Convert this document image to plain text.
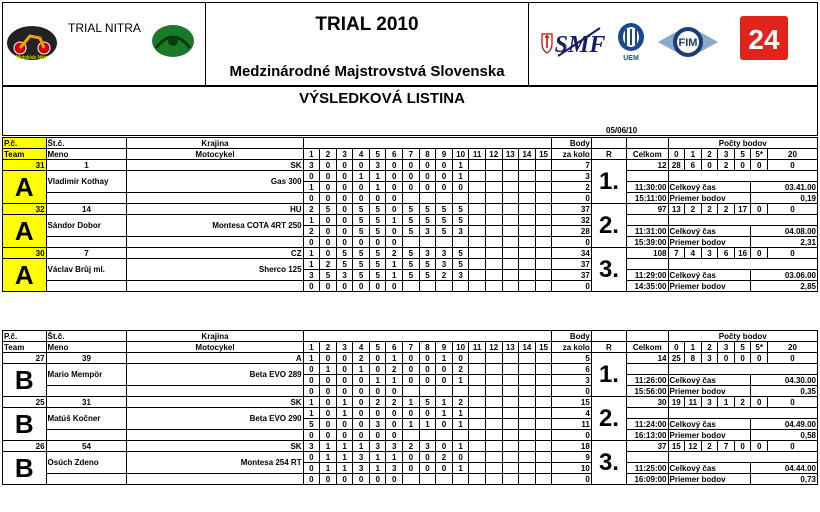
Motoklub Nitra
TRIAL NITRA	TRIAL 2010
Medzinárodné Majstrovstvá Slovenska
SMF
UEM
FIM 24
VÝSLEDKOVÁ LISTINA
05/06/10
P.č.	Št.č.	Krajina																Body			Počty bodov						
Team	Meno	Motocykel	1	2	3	4	5	6	7	8	9	10	11	12	13	14	15	za kolo	R	Celkom	0	1	2	3	5	5*	20
31	1	SK	3	0	0	0	3	0	0	0	0	1						7	1.	12	28	6	0	2	0	0	0
A	Vladimír Kothay	Gas 300	0	0	0	1	1	0	0	0	0	1						3									
			1	0	0	0	1	0	0	0	0	0						2		11:30:00	Celkový čas					03.41.00	
			0	0	0	0	0	0										0		15:11:00	Priemer bodov					0,19	
32	14	HU	2	5	0	5	5	0	5	5	5	5						37	2.	97	13	2	2	2	17	0	0
A	Sándor Dobor	Montesa COTA 4RT 250	1	0	0	5	5	1	5	5	5	5						32									
			2	0	0	5	5	0	5	3	5	3						28		11:31:00	Celkový čas					04.08.00	
			0	0	0	0	0	0										0		15:39:00	Priemer bodov					2,31	
30	7	CZ	1	0	5	5	5	2	5	3	3	5						34	3.	108	7	4	3	6	16	0	0
A	Václav Brůj ml.	Sherco 125	1	2	5	5	5	1	5	5	3	5						37									
			3	5	3	5	5	1	5	5	2	3						37		11:29:00	Celkový čas					03.06.00	
			0	0	0	0	0	0										0		14:35:00	Priemer bodov					2,85	
P.č.	Št.č.	Krajina																Body			Počty bodov						
Team	Meno	Motocykel	1	2	3	4	5	6	7	8	9	10	11	12	13	14	15	za kolo	R	Celkom	0	1	2	3	5	5*	20
27	39	A	1	0	0	2	0	1	0	0	1	0						5	1.	14	25	8	3	0	0	0	0
B	Mario Mempör	Beta EVO 289	0	1	0	1	0	2	0	0	0	2						6									
			0	0	0	0	1	1	0	0	0	1						3		11:26:00	Celkový čas					04.30.00	
			0	0	0	0	0	0										0		15:56:00	Priemer bodov					0,35	
25	31	SK	1	0	1	0	2	2	1	5	1	2						15	2.	30	19	11	3	1	2	0	0
B	Matúš Kočner	Beta EVO 290	1	0	1	0	0	0	0	0	1	1						4									
			5	0	0	0	3	0	1	1	0	1						11		11:24:00	Celkový čas					04.49.00	
			0	0	0	0	0	0										0		16:13:00	Priemer bodov					0,58	
26	54	SK	3	1	1	1	3	3	2	3	0	1						18	3.	37	15	12	2	7	0	0	0
B	Osúch Zdeno	Montesa 254 RT	0	1	1	3	1	1	0	0	2	0						9									
			0	1	1	3	1	3	0	0	0	1						10		11:25:00	Celkový čas					04.44.00	
			0	0	0	0	0	0										0		16:09:00	Priemer bodov					0,73	
